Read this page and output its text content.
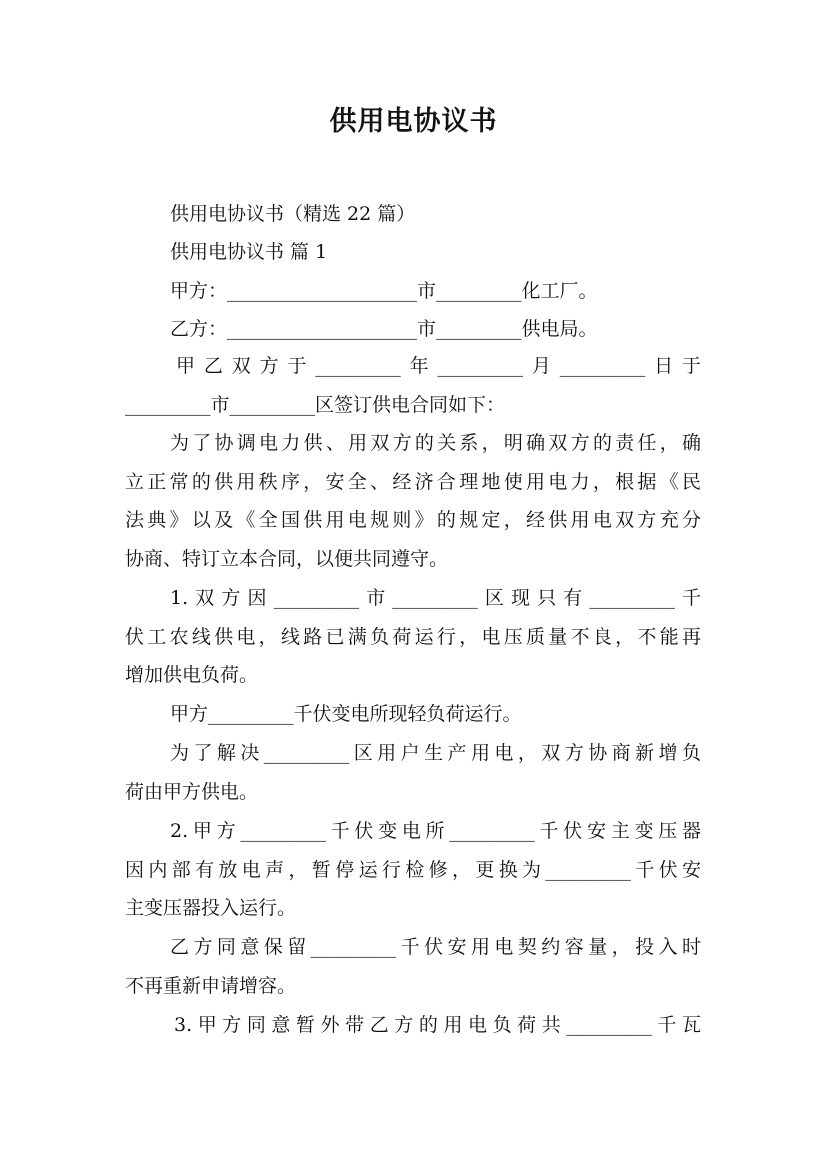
供用电协议书
供用电协议书（精选 22 篇）
供用电协议书 篇 1
甲方：____________________市_________化工厂。
乙方：____________________市_________供电局。
甲乙双方于_________年_________月_________日于
_________市_________区签订供电合同如下：
为了协调电力供、用双方的关系，明确双方的责任，确
立正常的供用秩序，安全、经济合理地使用电力，根据《民
法典》以及《全国供用电规则》的规定，经供用电双方充分
协商、特订立本合同，以便共同遵守。
1.双方因_________市_________区现只有_________千
伏工农线供电，线路已满负荷运行，电压质量不良，不能再
增加供电负荷。
甲方_________千伏变电所现轻负荷运行。
为了解决_________区用户生产用电，双方协商新增负
荷由甲方供电。
2.甲方_________千伏变电所_________千伏安主变压器
因内部有放电声，暂停运行检修，更换为_________千伏安
主变压器投入运行。
乙方同意保留_________千伏安用电契约容量，投入时
不再重新申请增容。
3.甲方同意暂外带乙方的用电负荷共_________千瓦
